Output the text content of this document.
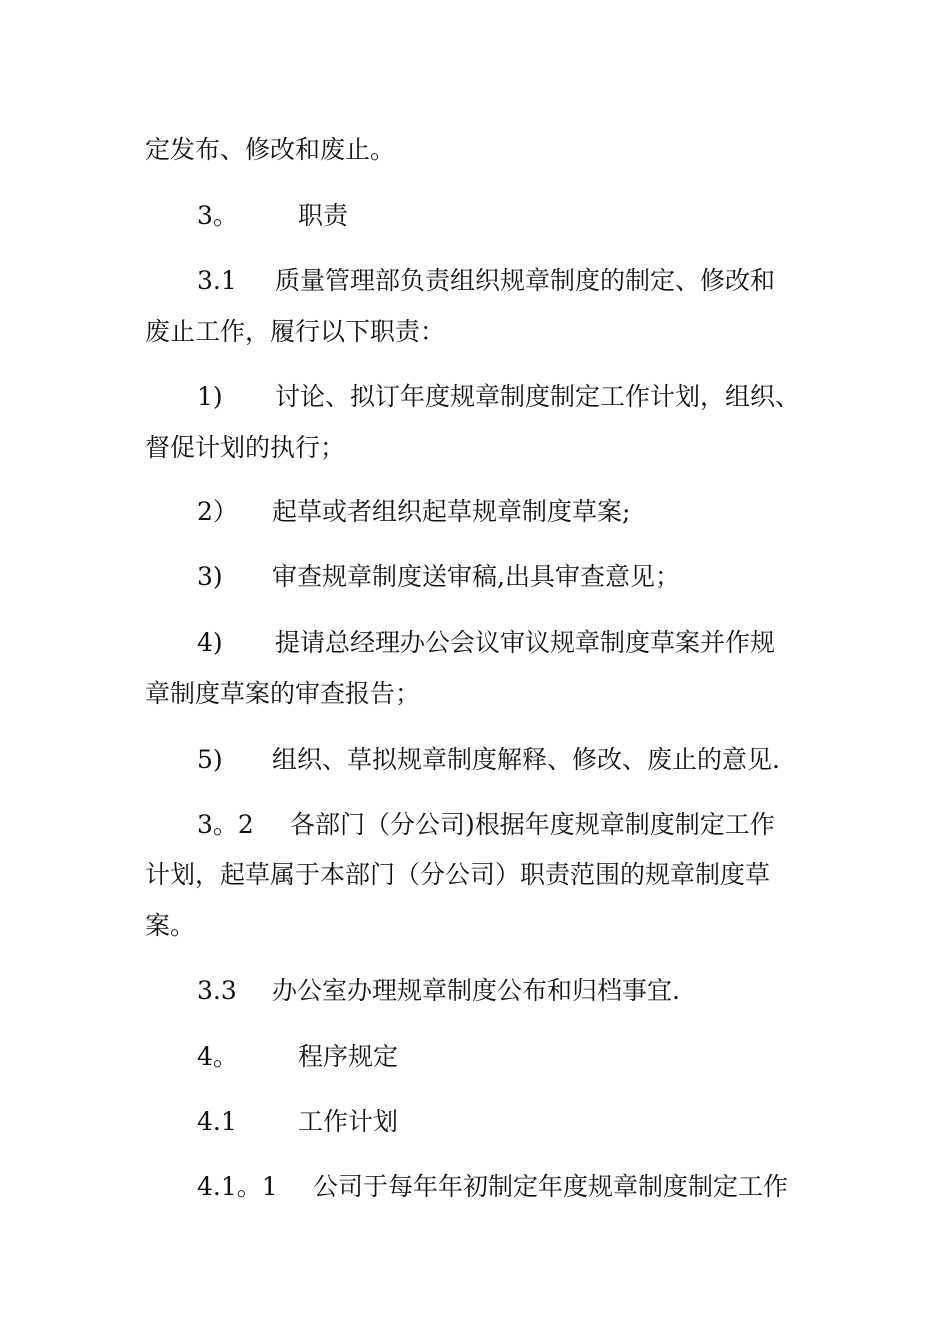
定发布、修改和废止。
3。 职责
3.1 质量管理部负责组织规章制度的制定、修改和
废止工作，履行以下职责：
1) 讨论、拟订年度规章制度制定工作计划，组织、
督促计划的执行；
2） 起草或者组织起草规章制度草案;
3) 审查规章制度送审稿,出具审查意见；
4) 提请总经理办公会议审议规章制度草案并作规
章制度草案的审查报告；
5) 组织、草拟规章制度解释、修改、废止的意见.
3。2 各部门（分公司)根据年度规章制度制定工作
计划，起草属于本部门（分公司）职责范围的规章制度草
案。
3.3 办公室办理规章制度公布和归档事宜.
4。 程序规定
4.1 工作计划
4.1。1 公司于每年年初制定年度规章制度制定工作
